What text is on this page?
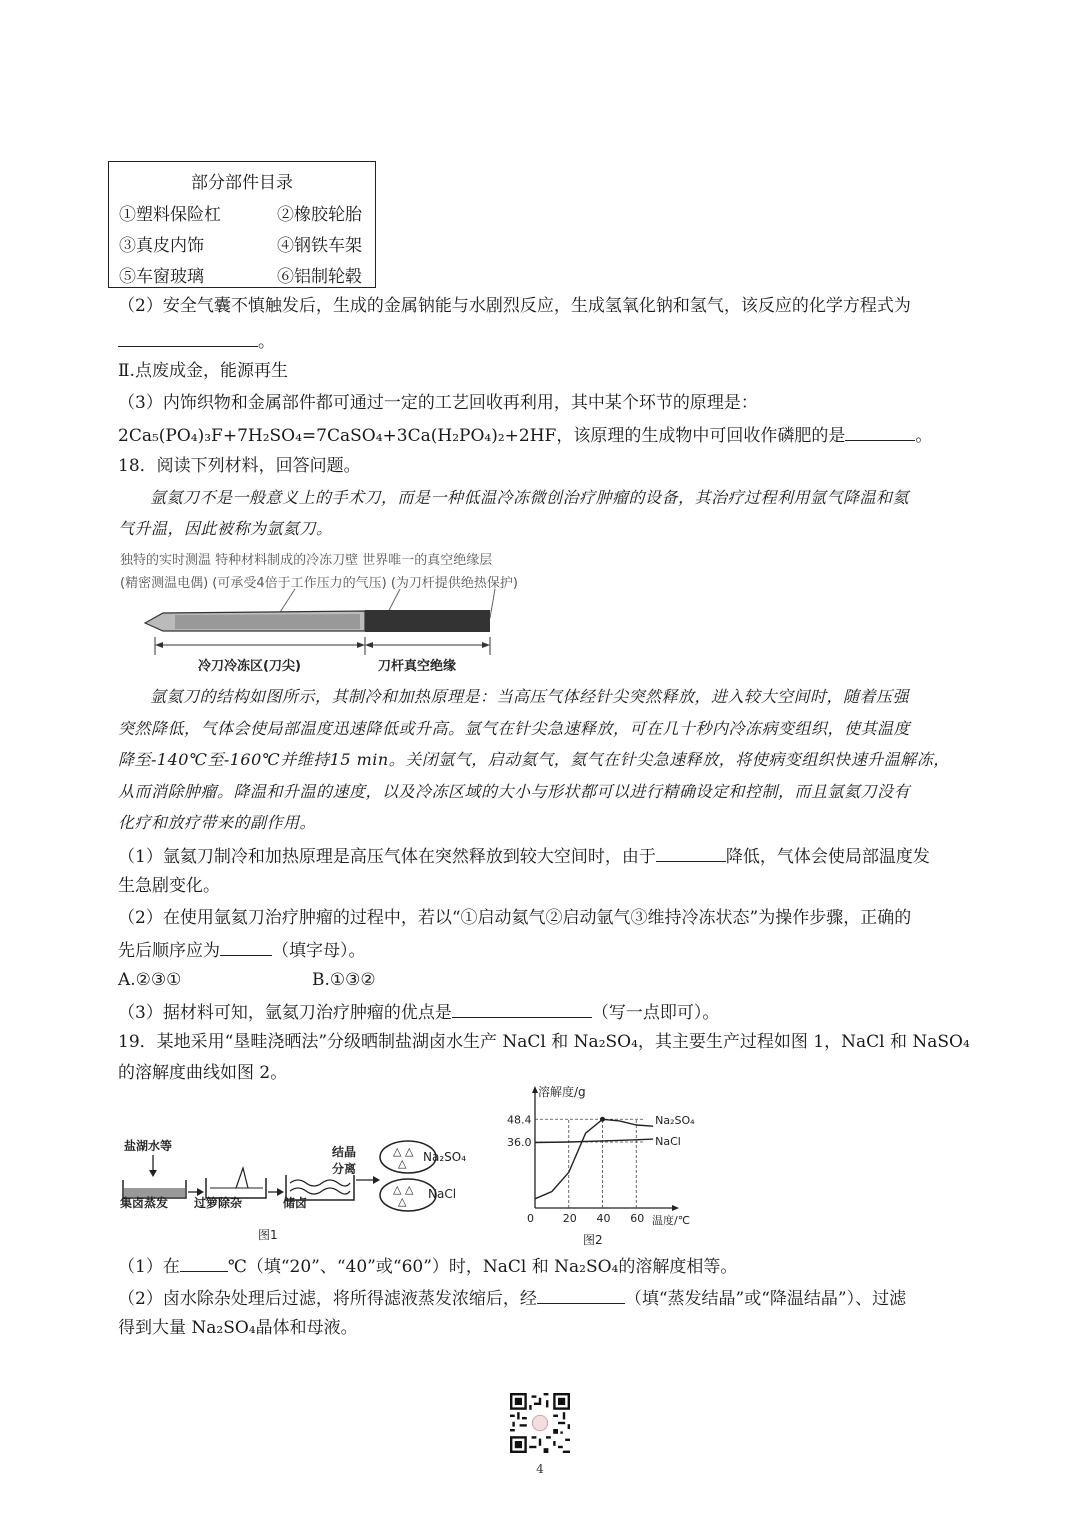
部分部件目录
①塑料保险杠	②橡胶轮胎
③真皮内饰	④钢铁车架
⑤车窗玻璃	⑥铝制轮毂
（2）安全气囊不慎触发后，生成的金属钠能与水剧烈反应，生成氢氧化钠和氢气，该反应的化学方程式为
。
Ⅱ.点废成金，能源再生
（3）内饰织物和金属部件都可通过一定的工艺回收再利用，其中某个环节的原理是：
2Ca₅(PO₄)₃F+7H₂SO₄=7CaSO₄+3Ca(H₂PO₄)₂+2HF，该原理的生成物中可回收作磷肥的是	。
18．阅读下列材料，回答问题。
氩氦刀不是一般意义上的手术刀，而是一种低温冷冻微创治疗肿瘤的设备，其治疗过程利用氩气降温和氦
气升温，因此被称为氩氦刀。
独特的实时测温 特种材料制成的冷冻刀壁 世界唯一的真空绝缘层
(精密测温电偶) (可承受4倍于工作压力的气压) (为刀杆提供绝热保护)
冷刀冷冻区(刀尖)	刀杆真空绝缘
氩氦刀的结构如图所示，其制冷和加热原理是：当高压气体经针尖突然释放，进入较大空间时，随着压强
突然降低，气体会使局部温度迅速降低或升高。氩气在针尖急速释放，可在几十秒内冷冻病变组织，使其温度
降至-140℃至-160℃并维持15 min。关闭氩气，启动氦气，氦气在针尖急速释放，将使病变组织快速升温解冻，
从而消除肿瘤。降温和升温的速度，以及冷冻区域的大小与形状都可以进行精确设定和控制，而且氩氦刀没有
化疗和放疗带来的副作用。
（1）氩氦刀制冷和加热原理是高压气体在突然释放到较大空间时，由于	降低，气体会使局部温度发
生急剧变化。
（2）在使用氩氦刀治疗肿瘤的过程中，若以“①启动氦气②启动氩气③维持冷冻状态”为操作步骤，正确的
先后顺序应为	（填字母）。
A.②③①	B.①③②
（3）据材料可知，氩氦刀治疗肿瘤的优点是	（写一点即可）。
19．某地采用“垦畦浇晒法”分级晒制盐湖卤水生产 NaCl 和 Na₂SO₄，其主要生产过程如图 1，NaCl 和 NaSO₄
的溶解度曲线如图 2。
△ △
△
△ △
△
盐湖水等
集卤蒸发 过箩除杂	储卤
结晶
分离
Na₂SO₄
NaCl
图1
溶解度/g
温度/℃
0	20 40 60
36.0
48.4	Na₂SO₄
NaCl
图2
（1）在	℃（填“20”、“40”或“60”）时，NaCl 和 Na₂SO₄的溶解度相等。
（2）卤水除杂处理后过滤，将所得滤液蒸发浓缩后，经	（填“蒸发结晶”或“降温结晶”）、过滤
得到大量 Na₂SO₄晶体和母液。
4
